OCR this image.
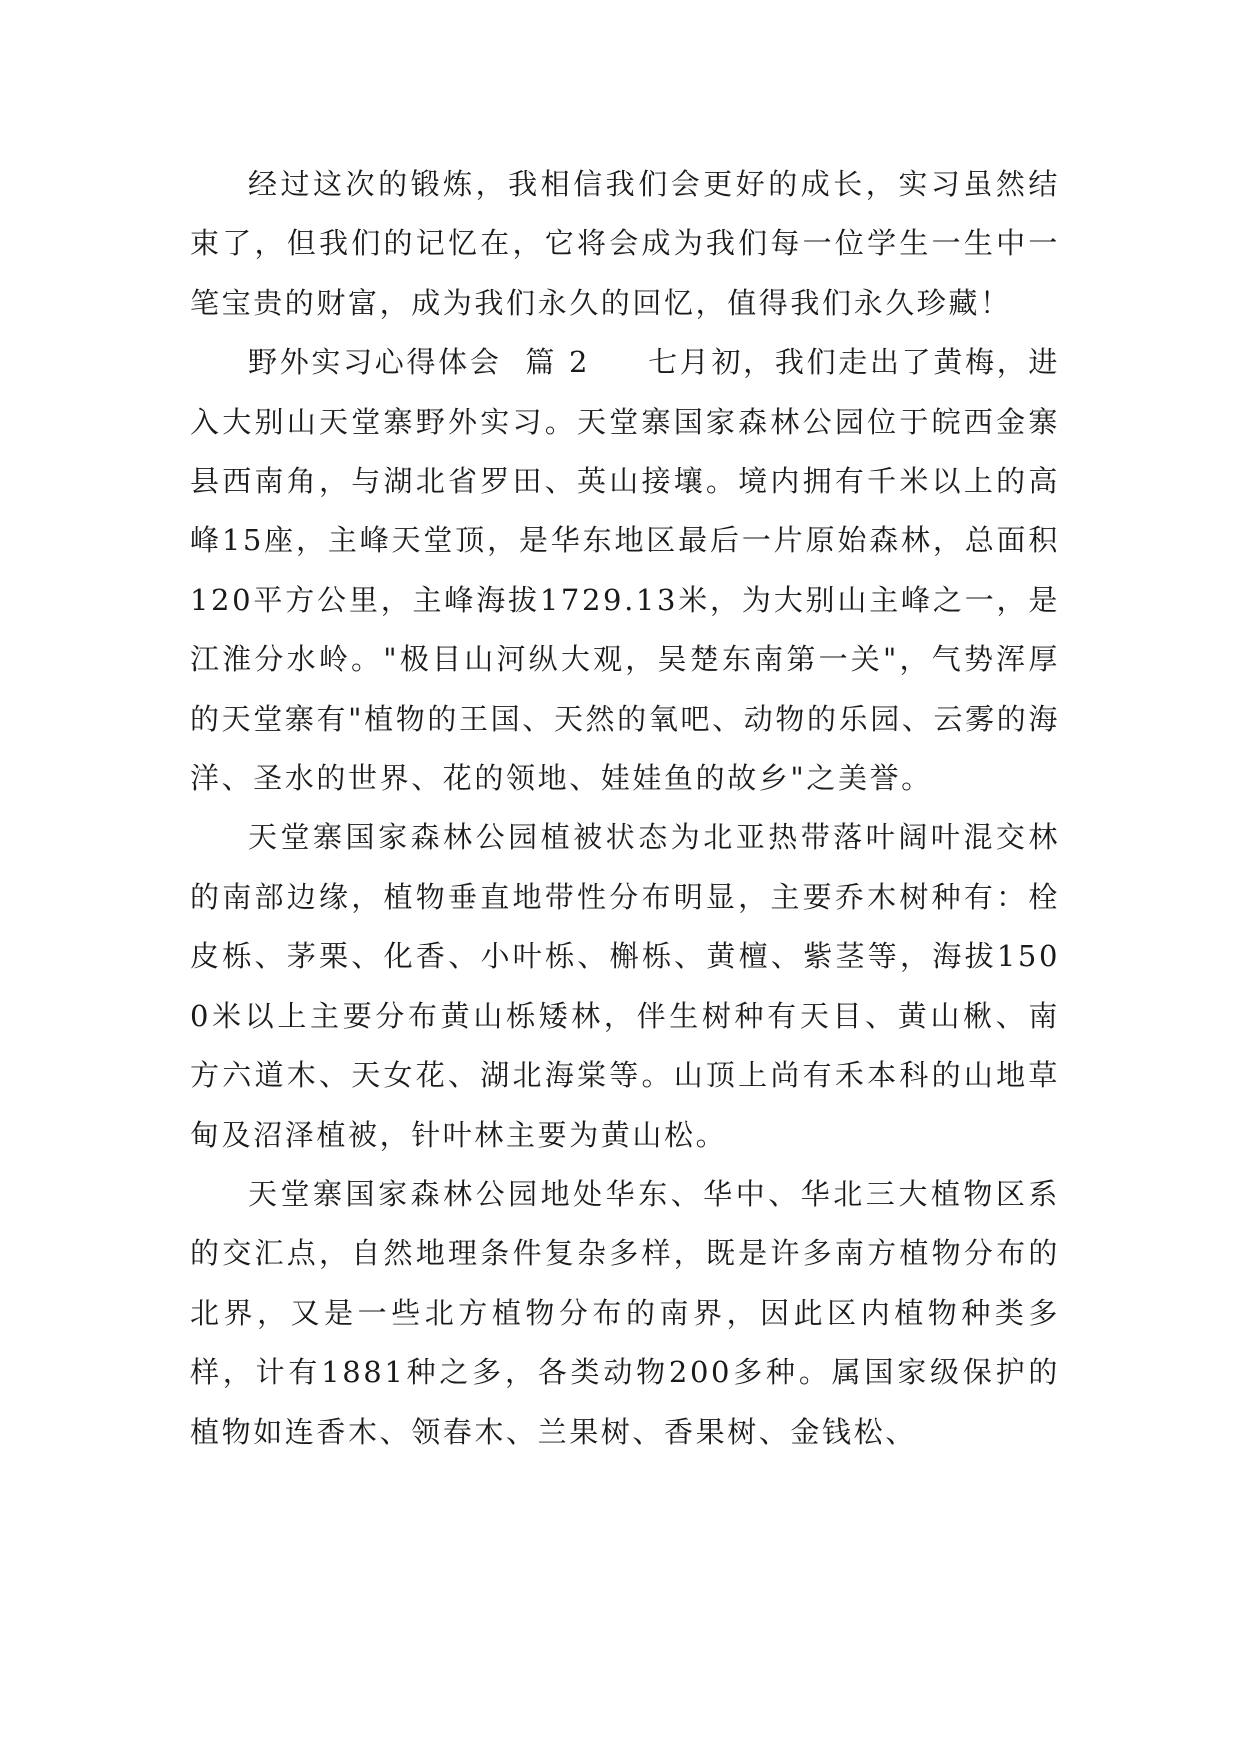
经过这次的锻炼，我相信我们会更好的成长，实习虽然结束了，但我们的记忆在，它将会成为我们每一位学生一生中一笔宝贵的财富，成为我们永久的回忆，值得我们永久珍藏！

野外实习心得体会  篇 2 七月初，我们走出了黄梅，进入大别山天堂寨野外实习。天堂寨国家森林公园位于皖西金寨县西南角，与湖北省罗田、英山接壤。境内拥有千米以上的高峰15座，主峰天堂顶，是华东地区最后一片原始森林，总面积120平方公里，主峰海拔1729.13米，为大别山主峰之一，是江淮分水岭。"极目山河纵大观，吴楚东南第一关"，气势浑厚的天堂寨有"植物的王国、天然的氧吧、动物的乐园、云雾的海洋、圣水的世界、花的领地、娃娃鱼的故乡"之美誉。

天堂寨国家森林公园植被状态为北亚热带落叶阔叶混交林的南部边缘，植物垂直地带性分布明显，主要乔木树种有：栓皮栎、茅栗、化香、小叶栎、槲栎、黄檀、紫茎等，海拔1500米以上主要分布黄山栎矮林，伴生树种有天目、黄山楸、南方六道木、天女花、湖北海棠等。山顶上尚有禾本科的山地草甸及沼泽植被，针叶林主要为黄山松。

天堂寨国家森林公园地处华东、华中、华北三大植物区系的交汇点，自然地理条件复杂多样，既是许多南方植物分布的北界，又是一些北方植物分布的南界，因此区内植物种类多样，计有1881种之多，各类动物200多种。属国家级保护的植物如连香木、领春木、兰果树、香果树、金钱松、
